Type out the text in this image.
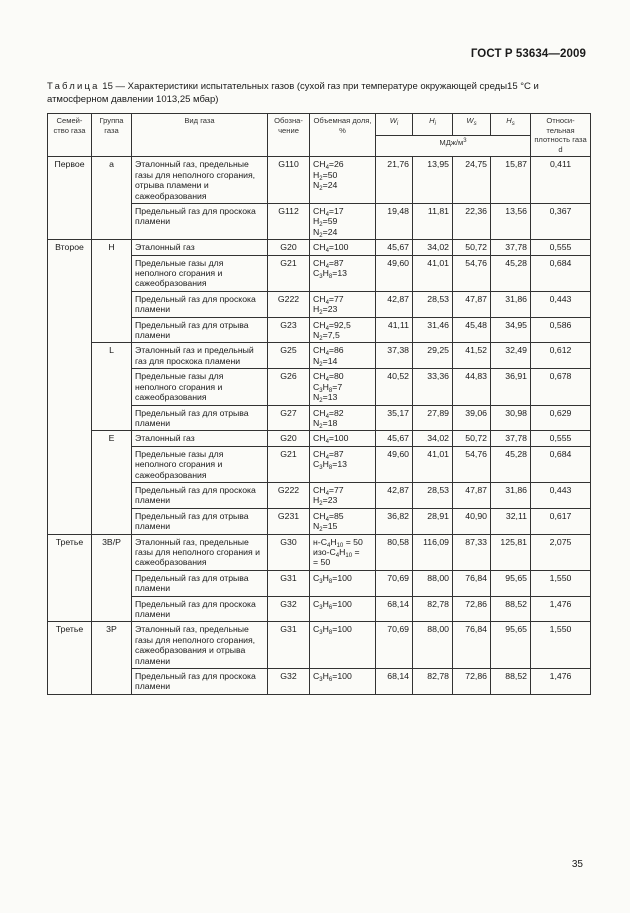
ГОСТ Р 53634—2009
Таблица 15 — Характеристики испытательных газов (сухой газ при температуре окружающей среды15 °С и атмосферном давлении 1013,25 мбар)
Семей-ство газа	Группа газа	Вид газа	Обозна-чение	Объемная доля, %	$W_i$	$H_i$	$W_s$	$H_s$	Относи-тельная плотность газа d
					МДж/$м^3$
Первое	a	Эталонный газ, предельные газы для неполного сгорания, отрыва пламени и сажеобразования	G110	$CH_4=26$
$H_2=50$
$N_2=24$	21,76	13,95	24,75	15,87	0,411
		Предельный газ для проскока пламени	G112	$CH_4=17$
$H_2=59$
$N_2=24$	19,48	11,81	22,36	13,56	0,367
Второе	Н	Эталонный газ	G20	$CH_4=100$	45,67	34,02	50,72	37,78	0,555
		Предельные газы для неполного сгорания и сажеобразования	G21	$CH_4=87$
$C_3H_8=13$	49,60	41,01	54,76	45,28	0,684
		Предельный газ для проскока пламени	G222	$CH_4=77$
$H_2=23$	42,87	28,53	47,87	31,86	0,443
		Предельный газ для отрыва пламени	G23	$CH_4=92,5$
$N_2=7,5$	41,11	31,46	45,48	34,95	0,586
	L	Эталонный газ и предельный газ для проскока пламени	G25	$CH_4=86$
$N_2=14$	37,38	29,25	41,52	32,49	0,612
		Предельные газы для неполного сгорания и сажеобразования	G26	$CH_4=80$
$C_3H_8=7$
$N_2=13$	40,52	33,36	44,83	36,91	0,678
		Предельный газ для отрыва пламени	G27	$CH_4=82$
$N_2=18$	35,17	27,89	39,06	30,98	0,629
	Е	Эталонный газ	G20	$CH_4=100$	45,67	34,02	50,72	37,78	0,555
		Предельные газы для неполного сгорания и сажеобразования	G21	$CH_4=87$
$C_3H_8=13$	49,60	41,01	54,76	45,28	0,684
		Предельный газ для проскока пламени	G222	$CH_4=77$
$H_2=23$	42,87	28,53	47,87	31,86	0,443
		Предельный газ для отрыва пламени	G231	$CH_4=85$
$N_2=15$	36,82	28,91	40,90	32,11	0,617
Третье	3В/Р	Эталонный газ, предельные газы для неполного сгорания и сажеобразования	G30	$н-C_4H_{10} = 50$
изо-$C_4H_{10}$ =
= 50	80,58	116,09	87,33	125,81	2,075
		Предельный газ для отрыва пламени	G31	$C_3H_8=100$	70,69	88,00	76,84	95,65	1,550
		Предельный газ для проскока пламени	G32	$C_3H_6=100$	68,14	82,78	72,86	88,52	1,476
Третье	3Р	Эталонный газ, предельные газы для неполного сгорания, сажеобразования и отрыва пламени	G31	$C_3H_8=100$	70,69	88,00	76,84	95,65	1,550
		Предельный газ для проскока пламени	G32	$C_3H_6=100$	68,14	82,78	72,86	88,52	1,476
35
